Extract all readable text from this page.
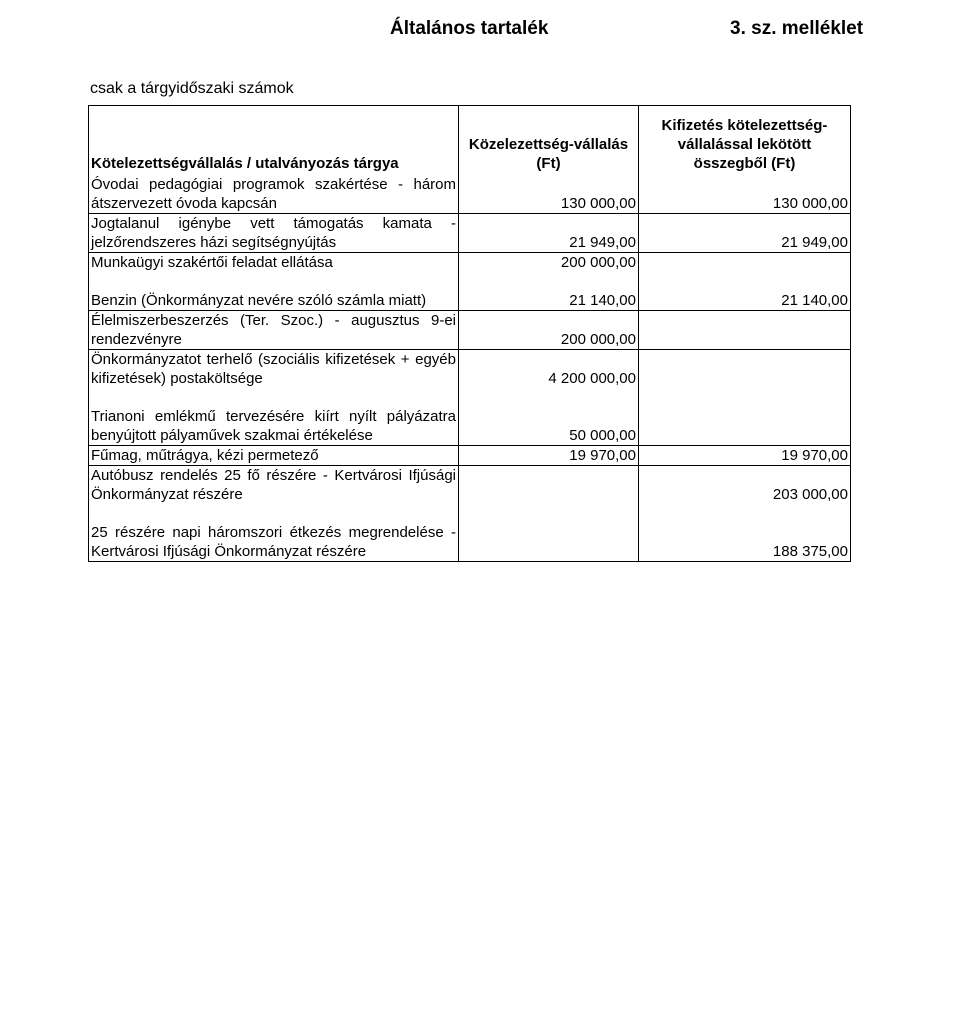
Általános tartalék	3. sz. melléklet
csak a tárgyidőszaki számok
Kötelezettségvállalás / utalványozás tárgya	Közelezettség-vállalás (Ft)	Kifizetés kötelezettség-vállalással lekötött összegből (Ft)
Óvodai pedagógiai programok szakértése - három átszervezett óvoda kapcsán	130 000,00	130 000,00
Jogtalanul igénybe vett támogatás kamata - jelzőrendszeres házi segítségnyújtás	21 949,00	21 949,00
Munkaügyi szakértői feladat ellátása	200 000,00	

Benzin (Önkormányzat nevére szóló számla miatt)	21 140,00	21 140,00
Élelmiszerbeszerzés (Ter. Szoc.) - augusztus 9-ei rendezvényre	200 000,00	
Önkormányzatot terhelő (szociális kifizetések + egyéb kifizetések) postaköltsége	4 200 000,00	

Trianoni emlékmű tervezésére kiírt nyílt pályázatra benyújtott pályaművek szakmai értékelése	50 000,00	
Fűmag, műtrágya, kézi permetező	19 970,00	19 970,00
Autóbusz rendelés 25 fő részére - Kertvárosi Ifjúsági Önkormányzat részére		203 000,00

25 részére napi háromszori étkezés megrendelése - Kertvárosi Ifjúsági Önkormányzat részére		188 375,00
